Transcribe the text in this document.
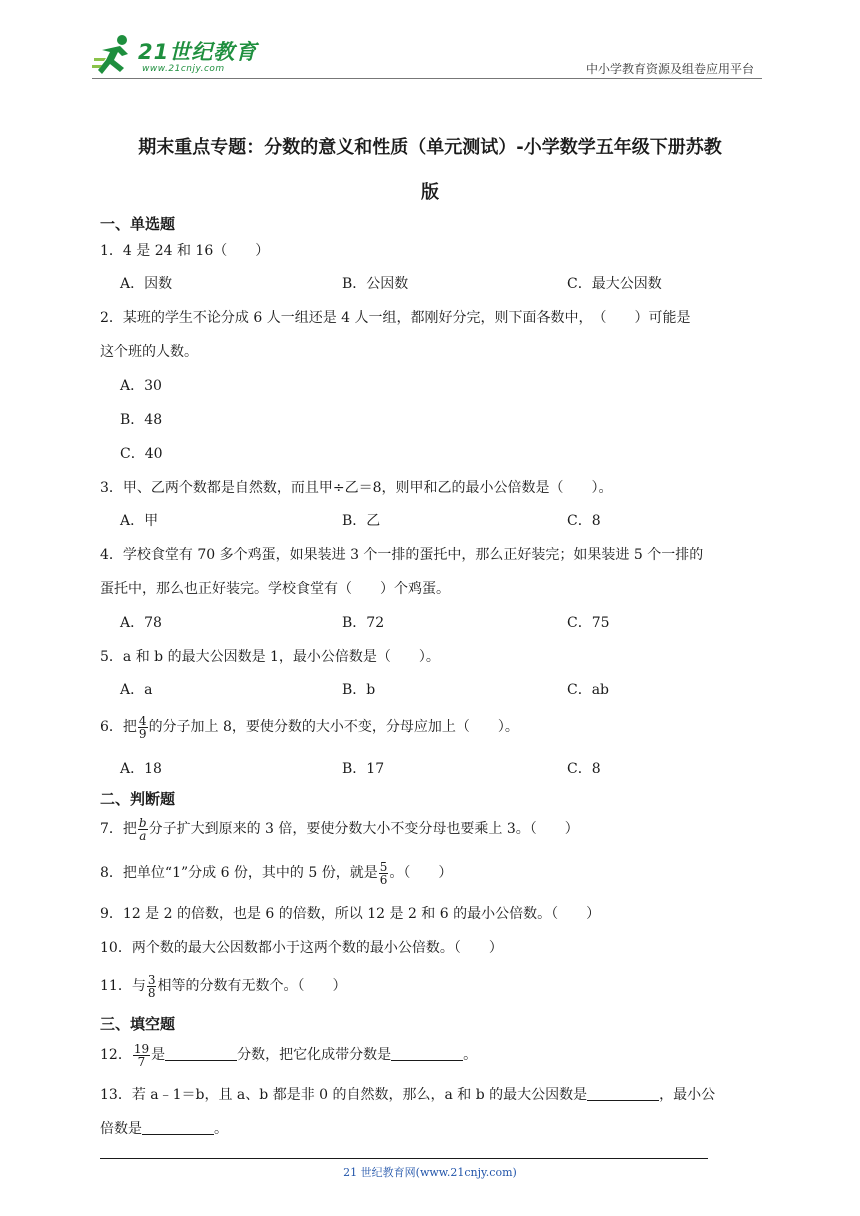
21世纪教育
www.21cnjy.com	中小学教育资源及组卷应用平台
期末重点专题：分数的意义和性质（单元测试）-小学数学五年级下册苏教
版
一、单选题
1．4 是 24 和 16（　　）
A．因数	B．公因数	C．最大公因数
2．某班的学生不论分成 6 人一组还是 4 人一组，都刚好分完，则下面各数中，　（　　）可能是
这个班的人数。
A．30
B．48
C．40
3．甲、乙两个数都是自然数，而且甲÷乙＝8，则甲和乙的最小公倍数是（　　）。
A．甲	B．乙	C．8
4．学校食堂有 70 多个鸡蛋，如果装进 3 个一排的蛋托中，那么正好装完；如果装进 5 个一排的
蛋托中，那么也正好装完。学校食堂有（　　）个鸡蛋。
A．78	B．72	C．75
5．a 和 b 的最大公因数是 1，最小公倍数是（　　）。
A．a	B．b	C．ab
6．把 $\frac{4}{9}$ 的分子加上 8，要使分数的大小不变，分母应加上（　　）。
A．18	B．17	C．8
二、判断题
7．把 $\frac{b}{a}$ 分子扩大到原来的 3 倍，要使分数大小不变分母也要乘上 3。（　　）
8．把单位“1”分成 6 份，其中的 5 份，就是 $\frac{5}{6}$ 。（　　）
9．12 是 2 的倍数，也是 6 的倍数，所以 12 是 2 和 6 的最小公倍数。（　　）
10．两个数的最大公因数都小于这两个数的最小公倍数。（　　）
11．与 $\frac{3}{8}$ 相等的分数有无数个。（　　）
三、填空题
12． $\frac{19}{7}$ 是	分数，把它化成带分数是	。
13．若 a﹣1＝b，且 a、b 都是非 0 的自然数，那么，a 和 b 的最大公因数是	，最小公
倍数是	。
21 世纪教育网(www.21cnjy.com)
